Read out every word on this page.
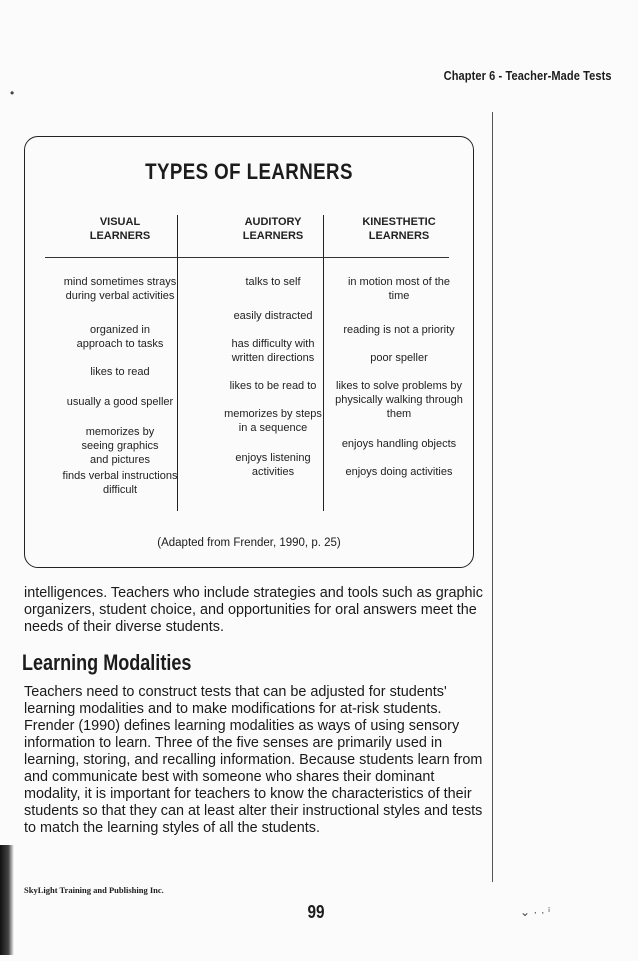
Chapter 6 - Teacher-Made Tests
TYPES OF LEARNERS
VISUAL
LEARNERS
mind sometimes strays during verbal activities
organized in approach to tasks
likes to read
usually a good speller
memorizes by seeing graphics and pictures
finds verbal instructions difficult
AUDITORY
LEARNERS
talks to self
easily distracted
has difficulty with written directions
likes to be read to
memorizes by steps in a sequence
enjoys listening activities
KINESTHETIC
LEARNERS
in motion most of the time
reading is not a priority
poor speller
likes to solve problems by physically walking through them
enjoys handling objects
enjoys doing activities
(Adapted from Frender, 1990, p. 25)
intelligences. Teachers who include strategies and tools such as graphic organizers, student choice, and opportunities for oral answers meet the needs of their diverse students.
Learning Modalities
Teachers need to construct tests that can be adjusted for students' learning modalities and to make modifications for at-risk students. Frender (1990) defines learning modalities as ways of using sensory information to learn. Three of the five senses are primarily used in learning, storing, and recalling information. Because students learn from and communicate best with someone who shares their dominant modality, it is important for teachers to know the characteristics of their students so that they can at least alter their instructional styles and tests to match the learning styles of all the students.
SkyLight Training and Publishing Inc.
99
•
⌄ · · ⁱ
